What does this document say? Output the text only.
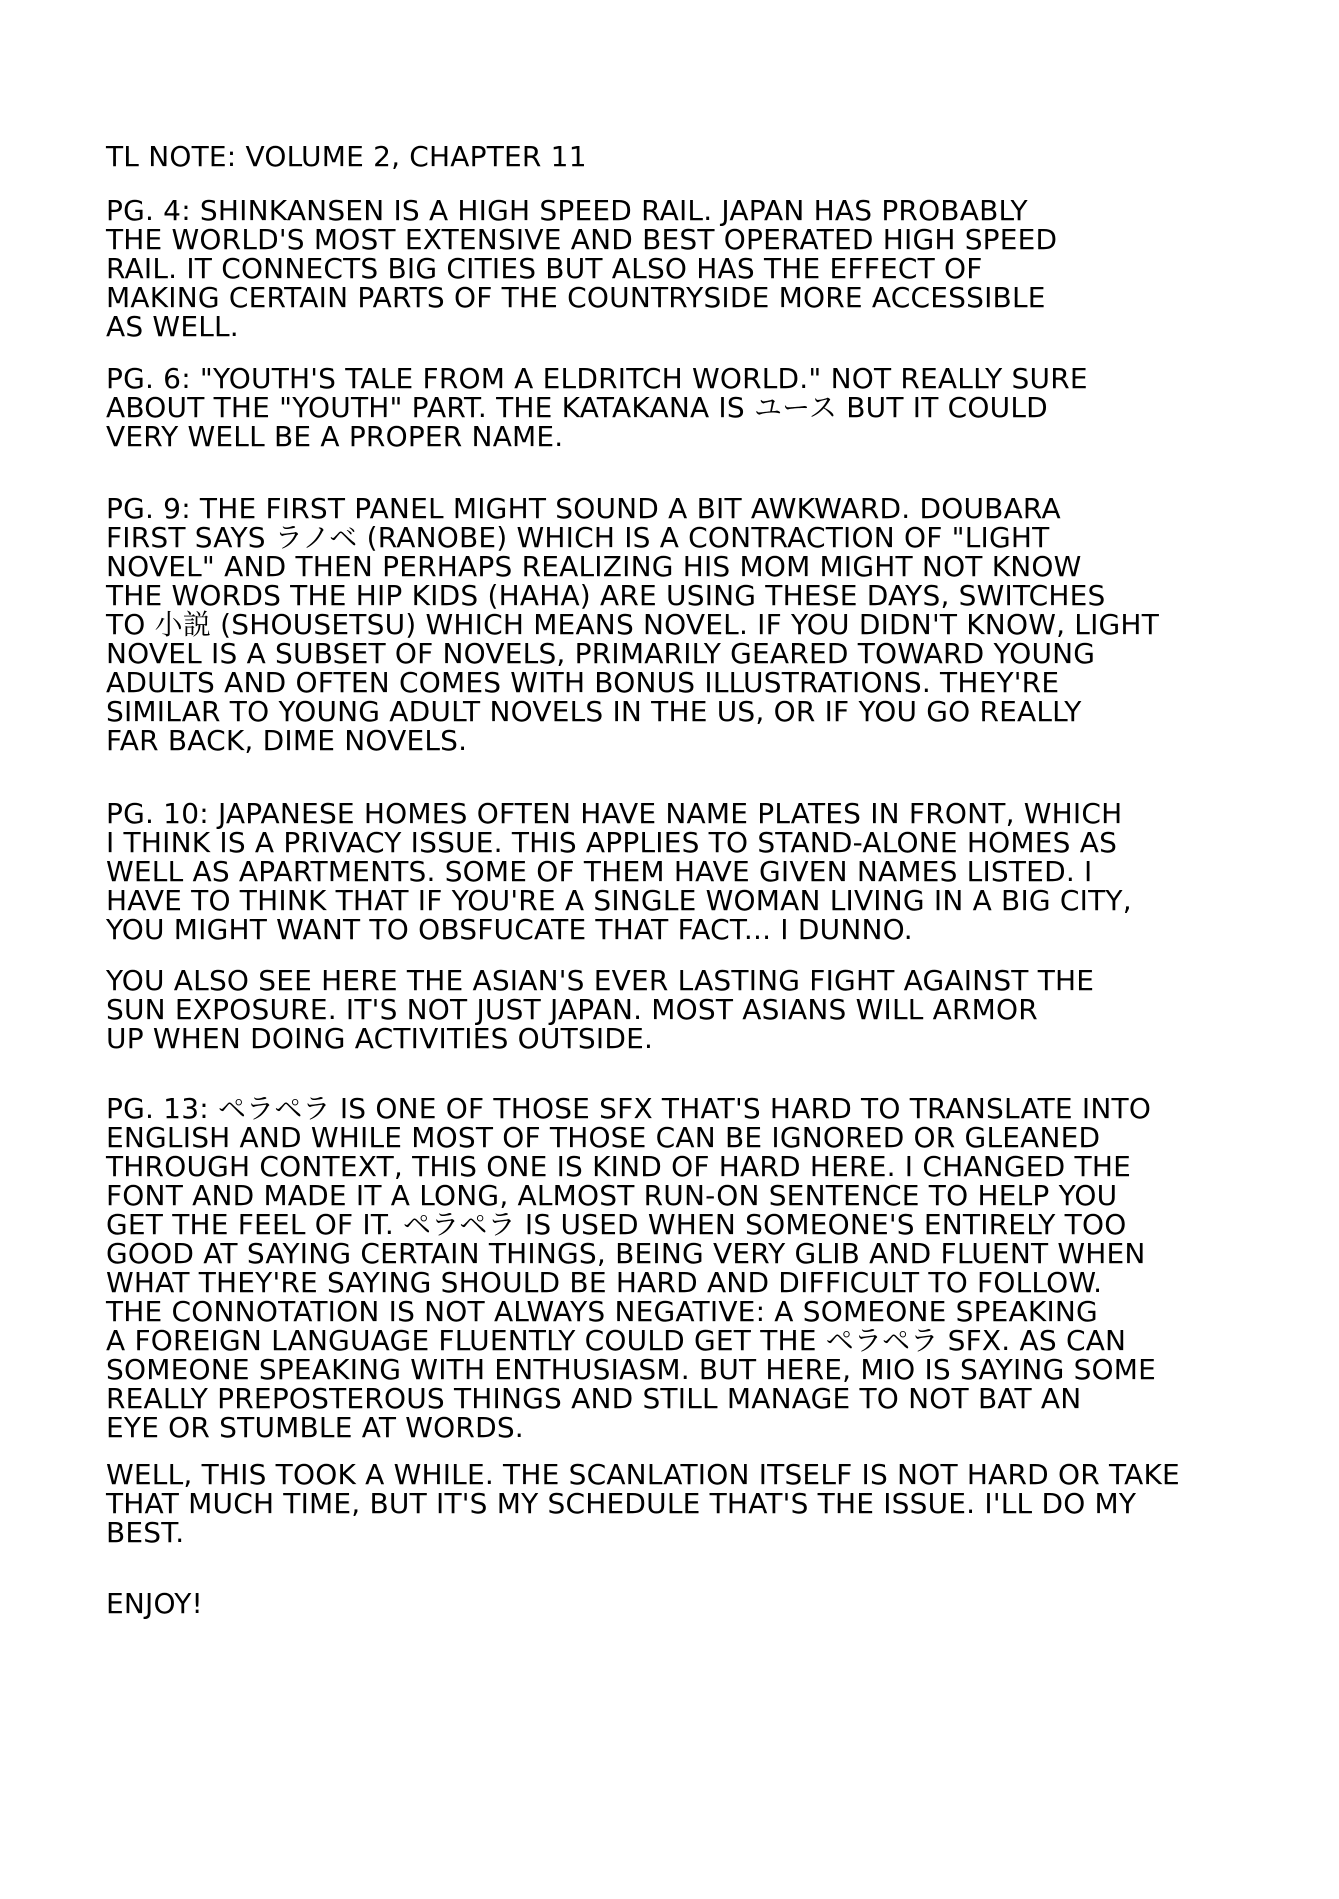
TL NOTE: VOLUME 2, CHAPTER 11

PG. 4: SHINKANSEN IS A HIGH SPEED RAIL. JAPAN HAS PROBABLY
THE WORLD'S MOST EXTENSIVE AND BEST OPERATED HIGH SPEED
RAIL. IT CONNECTS BIG CITIES BUT ALSO HAS THE EFFECT OF
MAKING CERTAIN PARTS OF THE COUNTRYSIDE MORE ACCESSIBLE
AS WELL.

PG. 6: "YOUTH'S TALE FROM A ELDRITCH WORLD." NOT REALLY SURE
ABOUT THE "YOUTH" PART. THE KATAKANA IS ユース BUT IT COULD
VERY WELL BE A PROPER NAME.

PG. 9: THE FIRST PANEL MIGHT SOUND A BIT AWKWARD. DOUBARA
FIRST SAYS ラノベ (RANOBE) WHICH IS A CONTRACTION OF "LIGHT
NOVEL" AND THEN PERHAPS REALIZING HIS MOM MIGHT NOT KNOW
THE WORDS THE HIP KIDS (HAHA) ARE USING THESE DAYS, SWITCHES
TO 小説 (SHOUSETSU) WHICH MEANS NOVEL. IF YOU DIDN'T KNOW, LIGHT
NOVEL IS A SUBSET OF NOVELS, PRIMARILY GEARED TOWARD YOUNG
ADULTS AND OFTEN COMES WITH BONUS ILLUSTRATIONS. THEY'RE
SIMILAR TO YOUNG ADULT NOVELS IN THE US, OR IF YOU GO REALLY
FAR BACK, DIME NOVELS.

PG. 10: JAPANESE HOMES OFTEN HAVE NAME PLATES IN FRONT, WHICH
I THINK IS A PRIVACY ISSUE. THIS APPLIES TO STAND-ALONE HOMES AS
WELL AS APARTMENTS. SOME OF THEM HAVE GIVEN NAMES LISTED. I
HAVE TO THINK THAT IF YOU'RE A SINGLE WOMAN LIVING IN A BIG CITY,
YOU MIGHT WANT TO OBSFUCATE THAT FACT... I DUNNO.

YOU ALSO SEE HERE THE ASIAN'S EVER LASTING FIGHT AGAINST THE
SUN EXPOSURE. IT'S NOT JUST JAPAN. MOST ASIANS WILL ARMOR
UP WHEN DOING ACTIVITIES OUTSIDE.

PG. 13: ペラペラ IS ONE OF THOSE SFX THAT'S HARD TO TRANSLATE INTO
ENGLISH AND WHILE MOST OF THOSE CAN BE IGNORED OR GLEANED
THROUGH CONTEXT, THIS ONE IS KIND OF HARD HERE. I CHANGED THE
FONT AND MADE IT A LONG, ALMOST RUN-ON SENTENCE TO HELP YOU
GET THE FEEL OF IT. ペラペラ IS USED WHEN SOMEONE'S ENTIRELY TOO
GOOD AT SAYING CERTAIN THINGS, BEING VERY GLIB AND FLUENT WHEN
WHAT THEY'RE SAYING SHOULD BE HARD AND DIFFICULT TO FOLLOW.
THE CONNOTATION IS NOT ALWAYS NEGATIVE: A SOMEONE SPEAKING
A FOREIGN LANGUAGE FLUENTLY COULD GET THE ペラペラ SFX. AS CAN
SOMEONE SPEAKING WITH ENTHUSIASM. BUT HERE, MIO IS SAYING SOME
REALLY PREPOSTEROUS THINGS AND STILL MANAGE TO NOT BAT AN
EYE OR STUMBLE AT WORDS.

WELL, THIS TOOK A WHILE. THE SCANLATION ITSELF IS NOT HARD OR TAKE
THAT MUCH TIME, BUT IT'S MY SCHEDULE THAT'S THE ISSUE. I'LL DO MY
BEST.

ENJOY!
